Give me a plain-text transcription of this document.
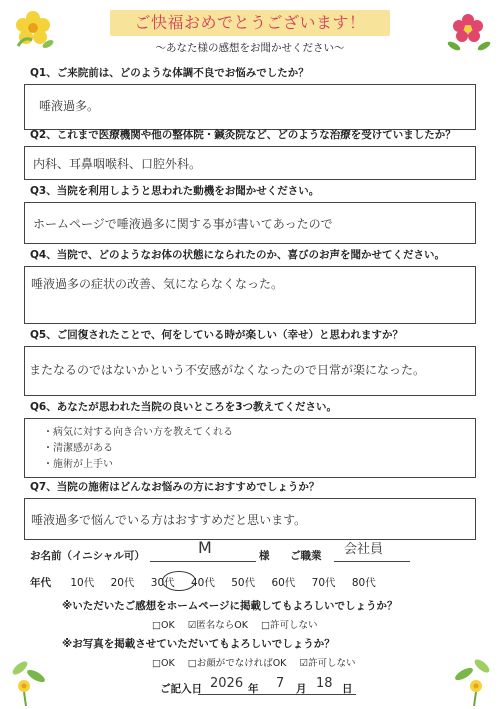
ご快福おめでとうございます！
～あなた様の感想をお聞かせください～
Q1、ご来院前は、どのような体調不良でお悩みでしたか？
唾液過多。
Q2、これまで医療機関や他の整体院・鍼灸院など、どのような治療を受けていましたか？
内科、耳鼻咽喉科、口腔外科。
Q3、当院を利用しようと思われた動機をお聞かせください。
ホームページで唾液過多に関する事が書いてあったので
Q4、当院で、どのようなお体の状態になられたのか、喜びのお声を聞かせてください。
唾液過多の症状の改善、気にならなくなった。
Q5、ご回復されたことで、何をしている時が楽しい（幸せ）と思われますか？
またなるのではないかという不安感がなくなったので日常が楽になった。
Q6、あなたが思われた当院の良いところを3つ教えてください。
・病気に対する向き合い方を教えてくれる
・清潔感がある
・施術が上手い
Q7、当院の施術はどんなお悩みの方におすすめでしょうか？
唾液過多で悩んでいる方はおすすめだと思います。
お名前（イニシャル可）	M	様 ご職業 会社員
年代 10代 20代 30代 40代 50代 60代 70代 80代
※いただいたご感想をホームページに掲載してもよろしいでしょうか？
□OK ☑匿名ならOK □許可しない
※お写真を掲載させていただいてもよろしいでしょうか？
□OK □お顔がでなければOK ☑許可しない
ご記入日 2026 年 7 月 18 日
